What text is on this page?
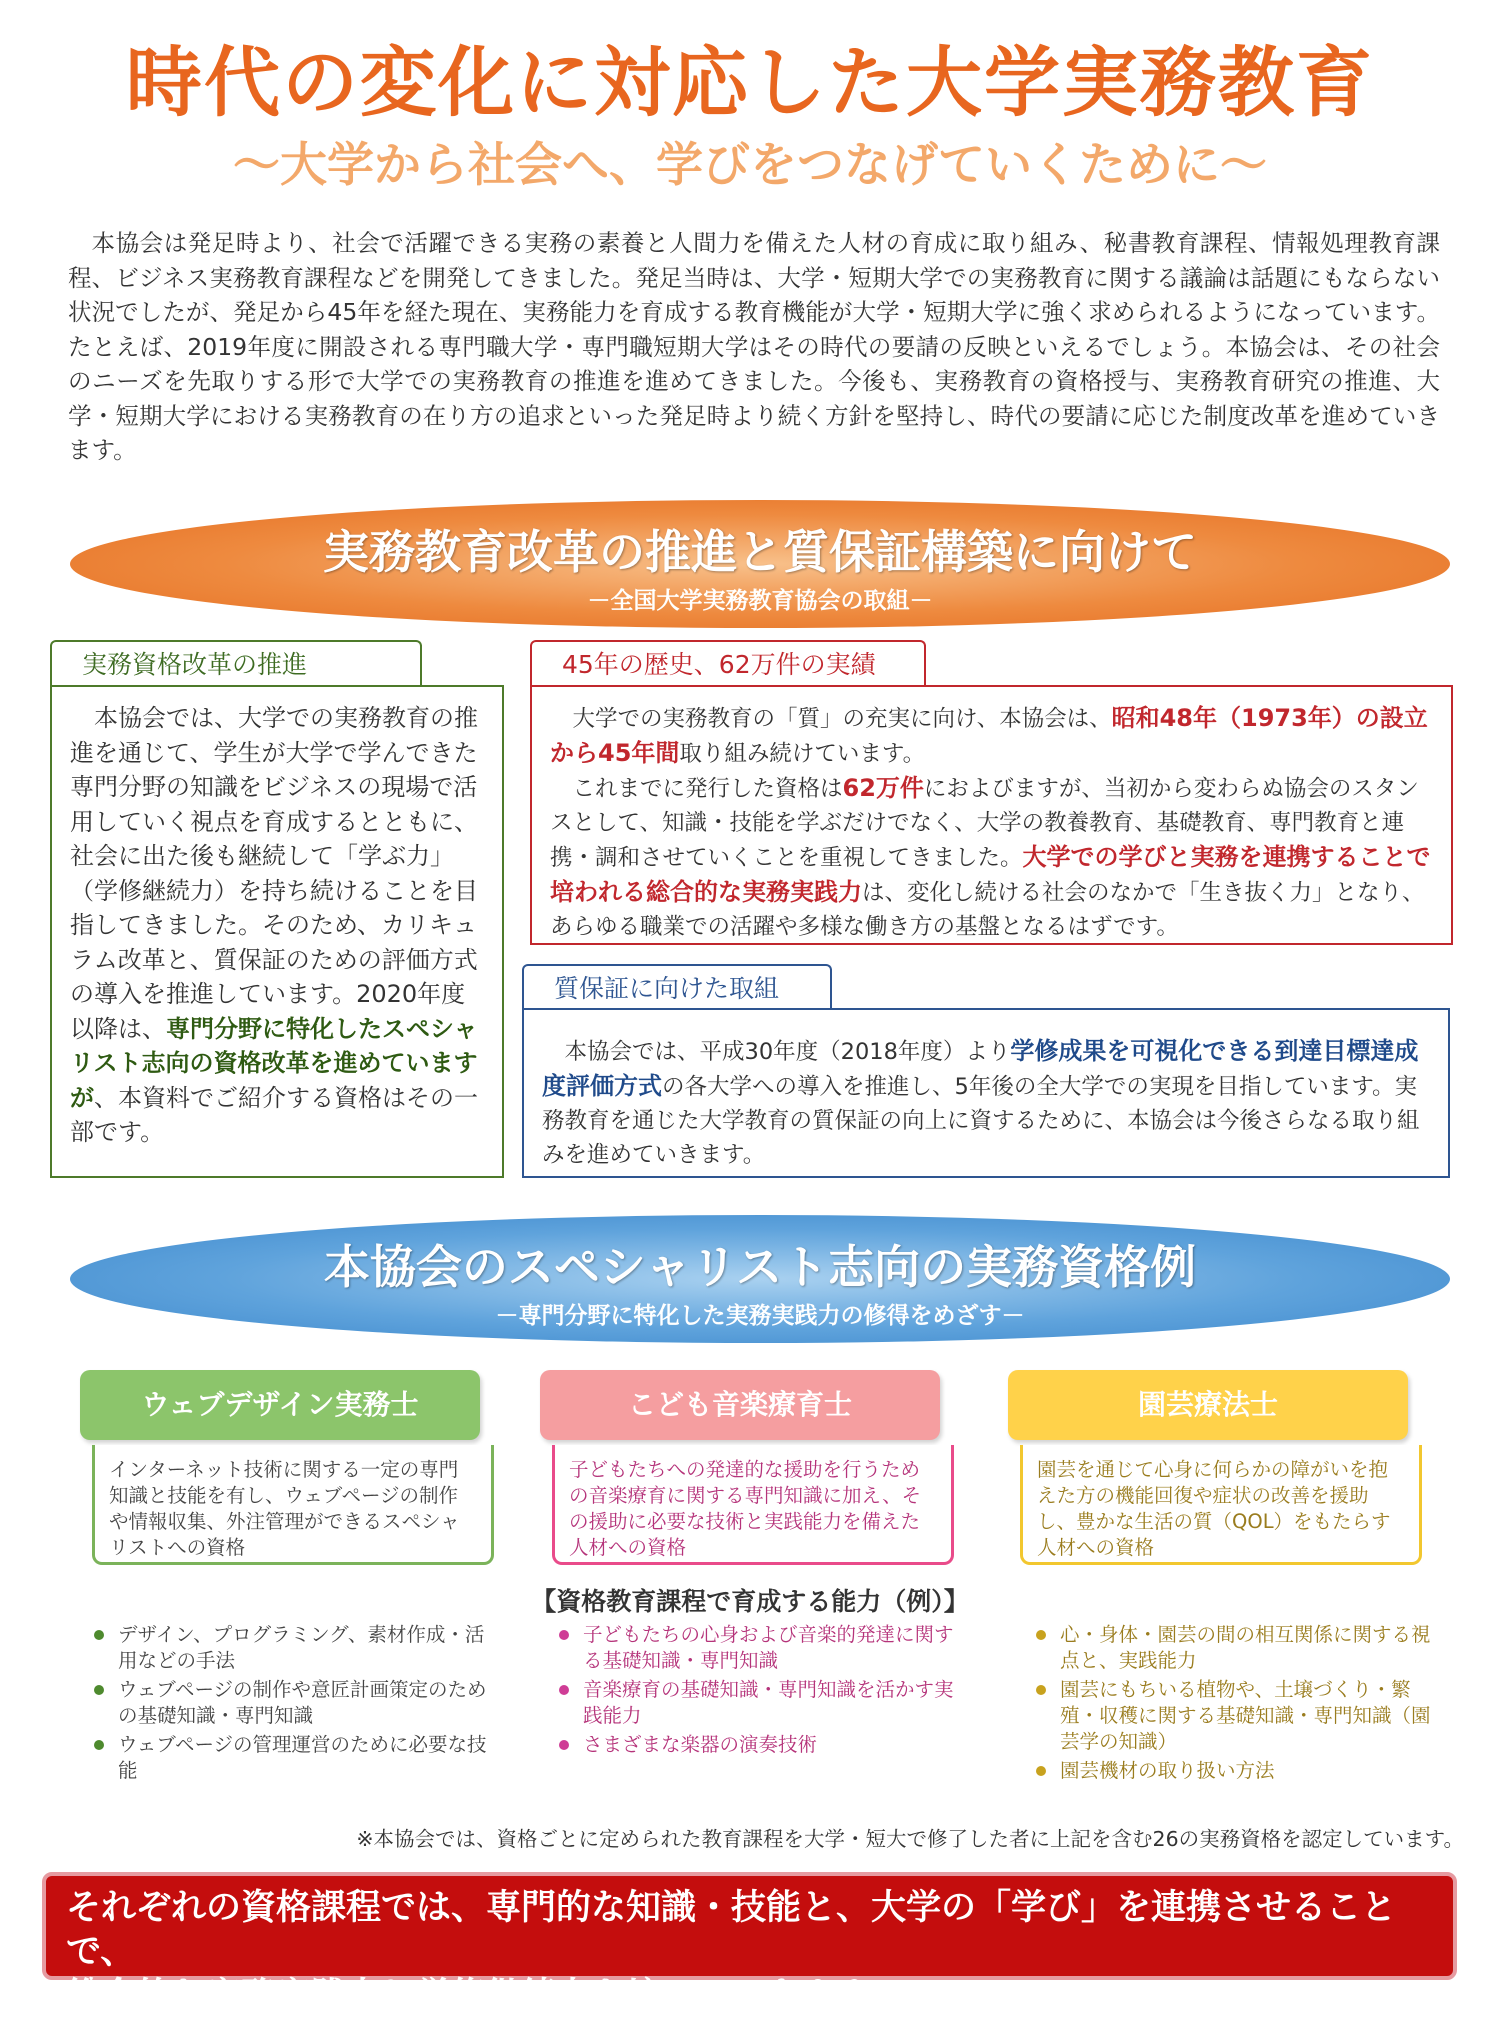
時代の変化に対応した大学実務教育
〜大学から社会へ、学びをつなげていくために〜

本協会は発足時より、社会で活躍できる実務の素養と人間力を備えた人材の育成に取り組み、秘書教育課程、情報処理教育課程、ビジネス実務教育課程などを開発してきました。発足当時は、大学・短期大学での実務教育に関する議論は話題にもならない状況でしたが、発足から45年を経た現在、実務能力を育成する教育機能が大学・短期大学に強く求められるようになっています。たとえば、2019年度に開設される専門職大学・専門職短期大学はその時代の要請の反映といえるでしょう。本協会は、その社会のニーズを先取りする形で大学での実務教育の推進を進めてきました。今後も、実務教育の資格授与、実務教育研究の推進、大学・短期大学における実務教育の在り方の追求といった発足時より続く方針を堅持し、時代の要請に応じた制度改革を進めていきます。

実務教育改革の推進と質保証構築に向けて
－全国大学実務教育協会の取組－
実務資格改革の推進

本協会では、大学での実務教育の推進を通じて、学生が大学で学んできた専門分野の知識をビジネスの現場で活用していく視点を育成するとともに、社会に出た後も継続して「学ぶ力」（学修継続力）を持ち続けることを目指してきました。そのため、カリキュラム改革と、質保証のための評価方式の導入を推進しています。2020年度以降は、専門分野に特化したスペシャリスト志向の資格改革を進めていますが、本資料でご紹介する資格はその一部です。

45年の歴史、62万件の実績

大学での実務教育の「質」の充実に向け、本協会は、昭和48年（1973年）の設立から45年間取り組み続けています。

これまでに発行した資格は62万件におよびますが、当初から変わらぬ協会のスタンスとして、知識・技能を学ぶだけでなく、大学の教養教育、基礎教育、専門教育と連携・調和させていくことを重視してきました。大学での学びと実務を連携することで培われる総合的な実務実践力は、変化し続ける社会のなかで「生き抜く力」となり、あらゆる職業での活躍や多様な働き方の基盤となるはずです。

質保証に向けた取組

本協会では、平成30年度（2018年度）より学修成果を可視化できる到達目標達成度評価方式の各大学への導入を推進し、5年後の全大学での実現を目指しています。実務教育を通じた大学教育の質保証の向上に資するために、本協会は今後さらなる取り組みを進めていきます。

本協会のスペシャリスト志向の実務資格例
－専門分野に特化した実務実践力の修得をめざす－
ウェブデザイン実務士
インターネット技術に関する一定の専門知識と技能を有し、ウェブページの制作や情報収集、外注管理ができるスペシャリストへの資格
こども音楽療育士
子どもたちへの発達的な援助を行うための音楽療育に関する専門知識に加え、その援助に必要な技術と実践能力を備えた人材への資格
園芸療法士
園芸を通じて心身に何らかの障がいを抱えた方の機能回復や症状の改善を援助し、豊かな生活の質（QOL）をもたらす人材への資格
【資格教育課程で育成する能力（例）】
デザイン、プログラミング、素材作成・活用などの手法
ウェブページの制作や意匠計画策定のための基礎知識・専門知識
ウェブページの管理運営のために必要な技能
子どもたちの心身および音楽的発達に関する基礎知識・専門知識
音楽療育の基礎知識・専門知識を活かす実践能力
さまざまな楽器の演奏技術
心・身体・園芸の間の相互関係に関する視点と、実践能力
園芸にもちいる植物や、土壌づくり・繁殖・収穫に関する基礎知識・専門知識（園芸学の知識）
園芸機材の取り扱い方法
※本協会では、資格ごとに定められた教育課程を大学・短大で修了した者に上記を含む26の実務資格を認定しています。
それぞれの資格課程では、専門的な知識・技能と、大学の「学び」を連携させることで、
総合的な実務実践力と学修継続力を培っていきます。
